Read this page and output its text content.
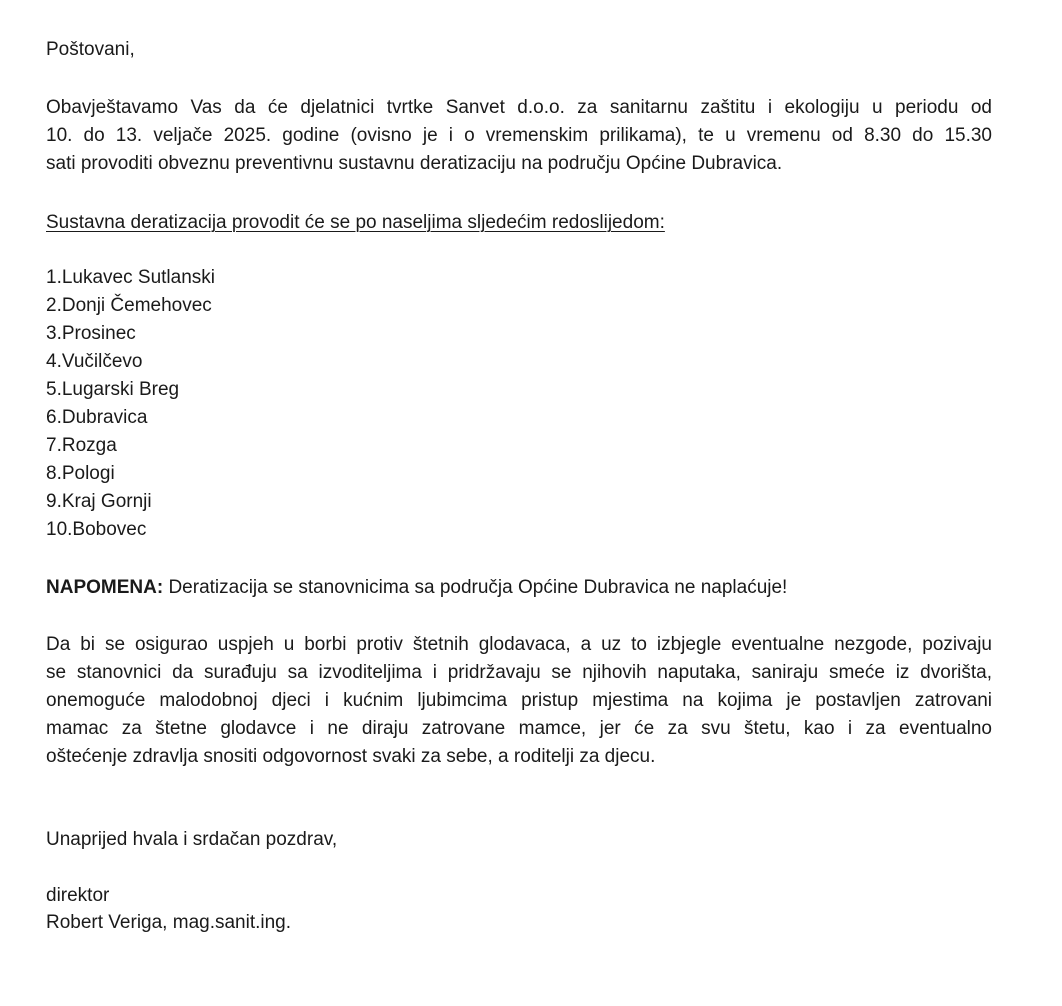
Poštovani,
Obavještavamo Vas da će djelatnici tvrtke Sanvet d.o.o. za sanitarnu zaštitu i ekologiju u periodu od
10. do 13. veljače 2025. godine (ovisno je i o vremenskim prilikama), te u vremenu od 8.30 do 15.30
sati provoditi obveznu preventivnu sustavnu deratizaciju na području Općine Dubravica.
Sustavna deratizacija provodit će se po naseljima sljedećim redoslijedom:
1.Lukavec Sutlanski
2.Donji Čemehovec
3.Prosinec
4.Vučilčevo
5.Lugarski Breg
6.Dubravica
7.Rozga
8.Pologi
9.Kraj Gornji
10.Bobovec
NAPOMENA: Deratizacija se stanovnicima sa područja Općine Dubravica ne naplaćuje!
Da bi se osigurao uspjeh u borbi protiv štetnih glodavaca, a uz to izbjegle eventualne nezgode, pozivaju
se stanovnici da surađuju sa izvoditeljima i pridržavaju se njihovih naputaka, saniraju smeće iz dvorišta,
onemoguće malodobnoj djeci i kućnim ljubimcima pristup mjestima na kojima je postavljen zatrovani
mamac za štetne glodavce i ne diraju zatrovane mamce, jer će za svu štetu, kao i za eventualno
oštećenje zdravlja snositi odgovornost svaki za sebe, a roditelji za djecu.
Unaprijed hvala i srdačan pozdrav,
direktor
Robert Veriga, mag.sanit.ing.
